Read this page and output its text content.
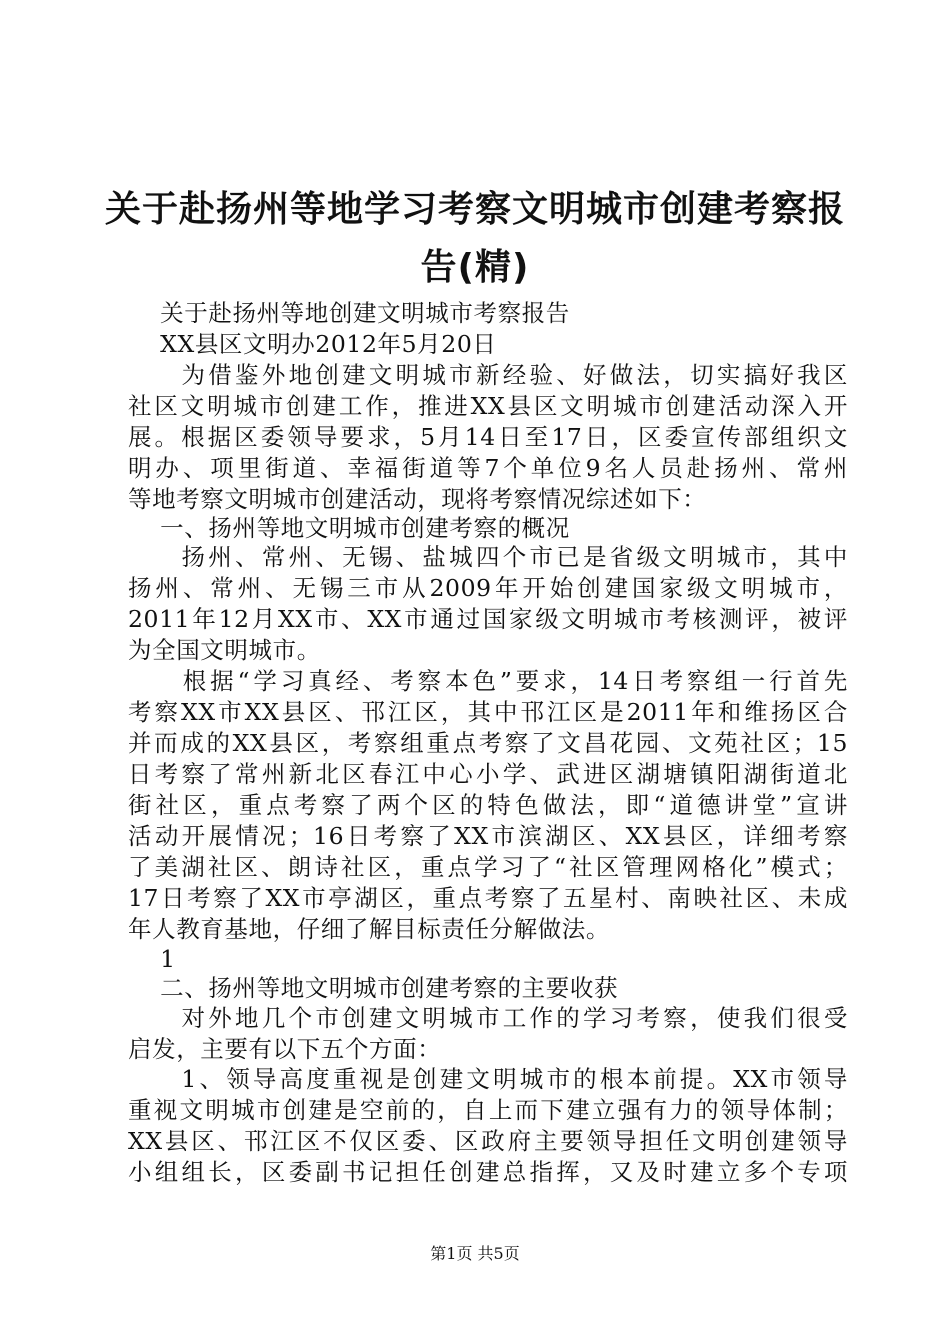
关于赴扬州等地学习考察文明城市创建考察报
告(精)
　 关于赴扬州等地创建文明城市考察报告
　 XX县区文明办2012年5月20日
　　为借鉴外地创建文明城市新经验、好做法，切实搞好我区
社区文明城市创建工作，推进XX县区文明城市创建活动深入开
展。根据区委领导要求，5月14日至17日，区委宣传部组织文
明办、项里街道、幸福街道等7个单位9名人员赴扬州、常州
等地考察文明城市创建活动，现将考察情况综述如下：
　 一、扬州等地文明城市创建考察的概况
　　扬州、常州、无锡、盐城四个市已是省级文明城市，其中
扬州、常州、无锡三市从2009年开始创建国家级文明城市，
2011年12月XX市、XX市通过国家级文明城市考核测评，被评
为全国文明城市。
　　根据“学习真经、考察本色”要求，14日考察组一行首先
考察XX市XX县区、邗江区，其中邗江区是2011年和维扬区合
并而成的XX县区，考察组重点考察了文昌花园、文苑社区；15
日考察了常州新北区春江中心小学、武进区湖塘镇阳湖街道北
街社区，重点考察了两个区的特色做法，即“道德讲堂”宣讲
活动开展情况；16日考察了XX市滨湖区、XX县区，详细考察
了美湖社区、朗诗社区，重点学习了“社区管理网格化”模式；
17日考察了XX市亭湖区，重点考察了五星村、南映社区、未成
年人教育基地，仔细了解目标责任分解做法。
　 1
　 二、扬州等地文明城市创建考察的主要收获
　　对外地几个市创建文明城市工作的学习考察，使我们很受
启发，主要有以下五个方面：
　　1、领导高度重视是创建文明城市的根本前提。XX市领导
重视文明城市创建是空前的，自上而下建立强有力的领导体制；
XX县区、邗江区不仅区委、区政府主要领导担任文明创建领导
小组组长，区委副书记担任创建总指挥，又及时建立多个专项
第1页 共5页
